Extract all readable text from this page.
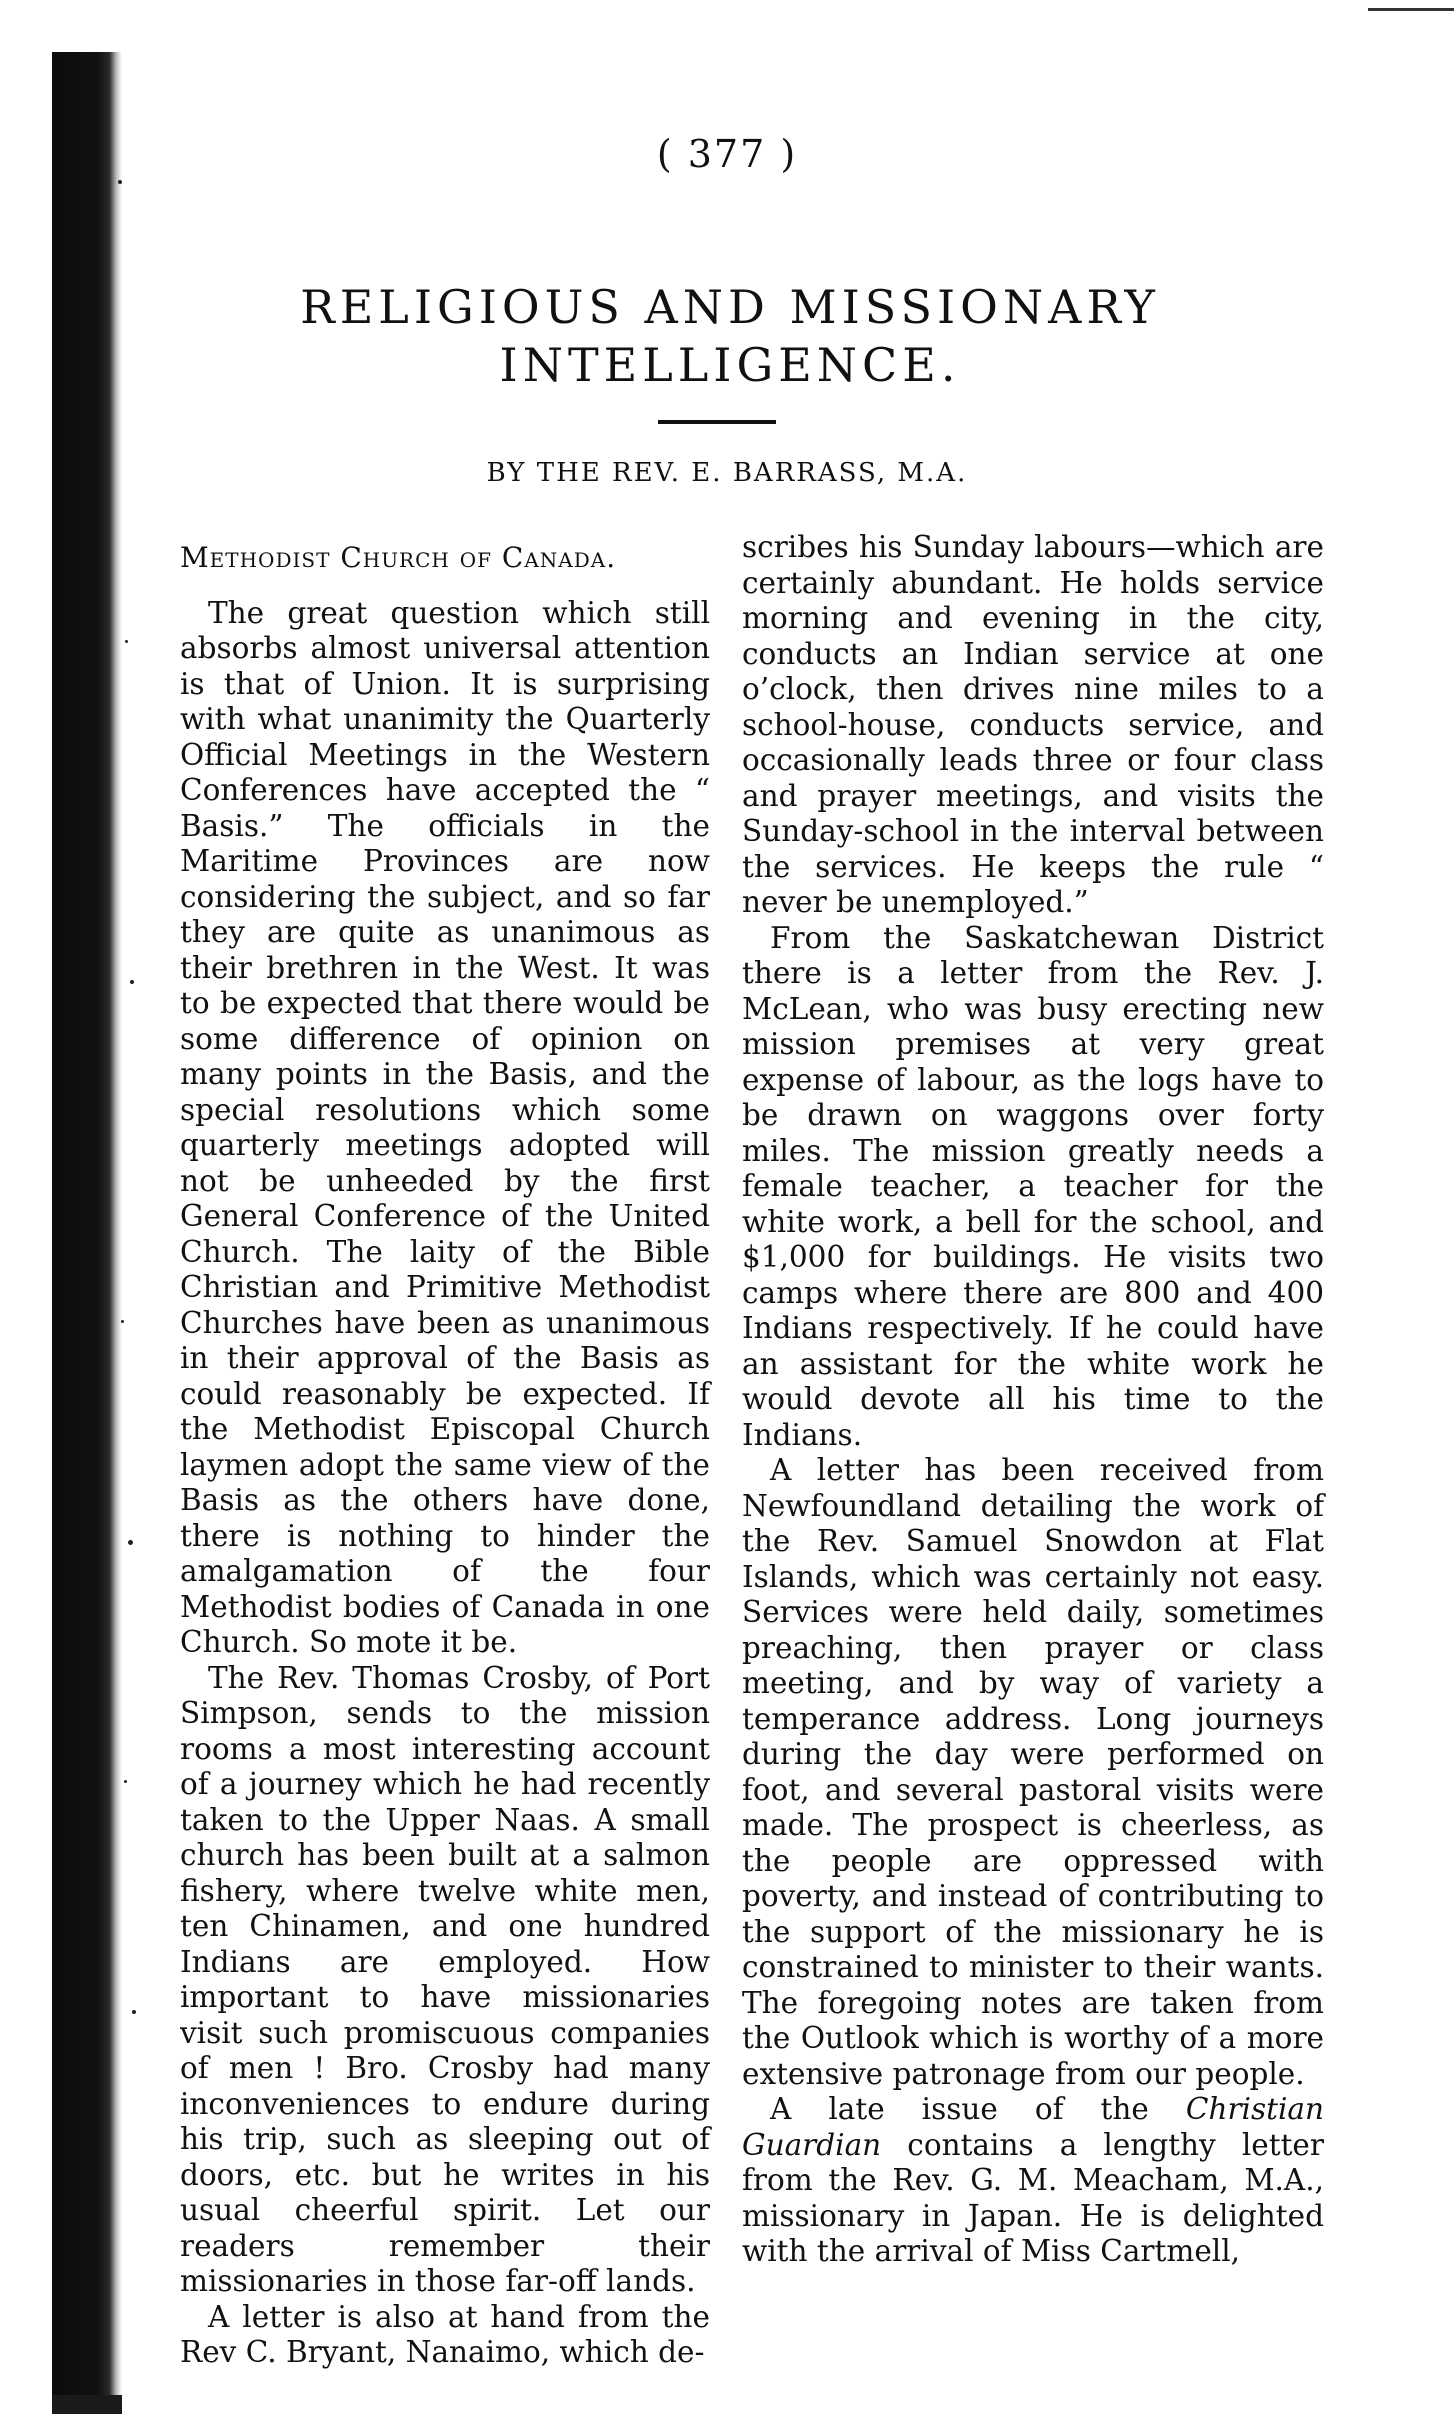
( 377 )
RELIGIOUS AND MISSIONARY INTELLIGENCE.
BY THE REV. E. BARRASS, M.A.
Methodist Church of Canada.

The great question which still absorbs almost universal attention is that of Union. It is surprising with what unanimity the Quarterly Official Meetings in the Western Conferences have accepted the “ Basis.” The officials in the Maritime Provinces are now considering the subject, and so far they are quite as unanimous as their brethren in the West. It was to be expected that there would be some difference of opinion on many points in the Basis, and the special resolutions which some quarterly meetings adopted will not be unheeded by the first General Conference of the United Church. The laity of the Bible Christian and Primitive Methodist Churches have been as unanimous in their approval of the Basis as could reasonably be expected. If the Methodist Episcopal Church laymen adopt the same view of the Basis as the others have done, there is nothing to hinder the amalgamation of the four Methodist bodies of Canada in one Church. So mote it be.

The Rev. Thomas Crosby, of Port Simpson, sends to the mission rooms a most interesting account of a journey which he had recently taken to the Upper Naas. A small church has been built at a salmon fishery, where twelve white men, ten Chinamen, and one hundred Indians are employed. How important to have missionaries visit such promiscuous companies of men ! Bro. Crosby had many inconveniences to endure during his trip, such as sleeping out of doors, etc. but he writes in his usual cheerful spirit. Let our readers remember their missionaries in those far-off lands.

A letter is also at hand from the Rev C. Bryant, Nanaimo, which de-

scribes his Sunday labours—which are certainly abundant. He holds service morning and evening in the city, conducts an Indian service at one o’clock, then drives nine miles to a school-house, conducts service, and occasionally leads three or four class and prayer meetings, and visits the Sunday-school in the interval between the services. He keeps the rule “ never be unemployed.”

From the Saskatchewan District there is a letter from the Rev. J. McLean, who was busy erecting new mission premises at very great expense of labour, as the logs have to be drawn on waggons over forty miles. The mission greatly needs a female teacher, a teacher for the white work, a bell for the school, and $1,000 for buildings. He visits two camps where there are 800 and 400 Indians respectively. If he could have an assistant for the white work he would devote all his time to the Indians.

A letter has been received from Newfoundland detailing the work of the Rev. Samuel Snowdon at Flat Islands, which was certainly not easy. Services were held daily, sometimes preaching, then prayer or class meeting, and by way of variety a temperance address. Long journeys during the day were performed on foot, and several pastoral visits were made. The prospect is cheerless, as the people are oppressed with poverty, and instead of contributing to the support of the missionary he is constrained to minister to their wants. The foregoing notes are taken from the Outlook which is worthy of a more extensive patronage from our people.

A late issue of the Christian Guardian contains a lengthy letter from the Rev. G. M. Meacham, M.A., missionary in Japan. He is delighted with the arrival of Miss Cartmell,
